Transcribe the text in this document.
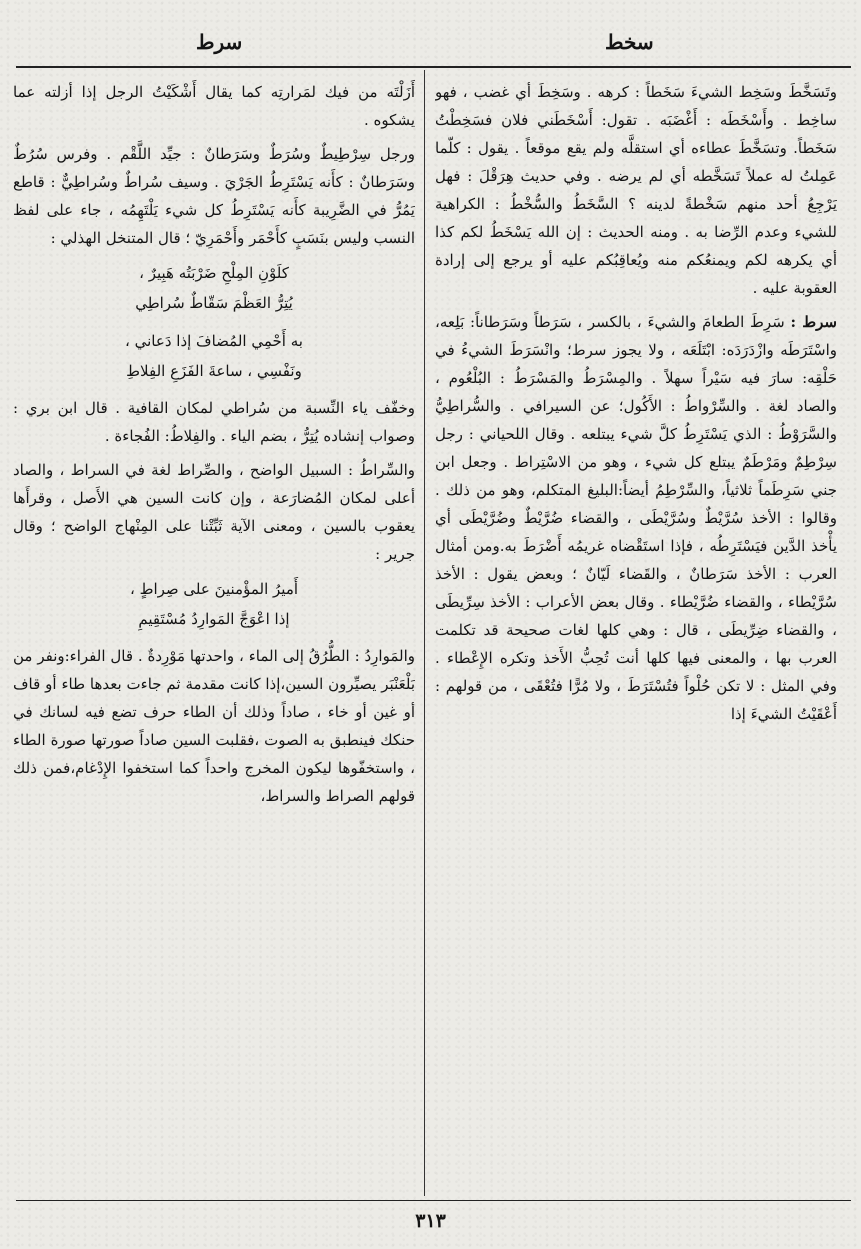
سخط
سرط

وتَسَخَّطَ وسَخِط الشيءَ سَخَطاً : كرهه . وسَخِطَ أي غضب ، فهو ساخِط . وأَسْخَطَه : أَغْضَبَه . تقول: أَسْخَطَني فلان فسَخِطْتُ سَخَطاً. وتسَخَّطَ عطاءه أي استقلَّه ولم يقع موقعاً . يقول : كلّما عَمِلتُ له عملاً تَسَخَّطه أي لم يرضه . وفي حديث هِرَقْلَ : فهل يَرْجِعُ أحد منهم سَخْطةً لدينه ؟ السَّخَطُ والسُّخْطُ : الكراهية للشيء وعدم الرِّضا به . ومنه الحديث : إن الله يَسْخَطُ لكم كذا أي يكرهه لكم ويمنعُكم منه ويُعاقِبُكم عليه أو يرجع إلى إرادة العقوبة عليه .

سرط : سَرِطَ الطعامَ والشيءَ ، بالكسر ، سَرَطاً وسَرَطاناً: بَلِعه، واسْتَرَطَه وازْدَرَدَه: ابْتَلَعَه ، ولا يجوز سرط؛ وانْسَرَطَ الشيءُ في حَلْقِه: سارَ فيه سَيْراً سهلاً . والمِسْرَطُ والمَسْرَطُ : البُلْعُوم ، والصاد لغة . والسِّرْواطُ : الأَكُول؛ عن السيرافي . والسُّراطِيُّ والسَّرَوْطُ : الذي يَسْتَرِطُ كلَّ شيء يبتلعه . وقال اللحياني : رجل سِرْطِمٌ ومَرْطَمٌ يبتلع كل شيء ، وهو من الاسْتِراط . وجعل ابن جني سَرِطَماً ثلاثياً، والسِّرْطِمُ أيضاً:البليغ المتكلم، وهو من ذلك . وقالوا : الأخذ سُرَّيْطٌ وسُرَّيْطَى ، والقضاء ضُرَّيْطٌ وضُرَّيْطَى أي يأْخذ الدَّين فيَسْتَرِطُه ، فإذا استَقْضاه غريمُه أَضْرَطَ به.ومن أمثال العرب : الأخذ سَرَطانٌ ، والقَضاء لَيّانٌ ؛ وبعض يقول : الأخذ سُرَّيْطاء ، والقضاء ضُرَّيْطاء . وقال بعض الأعراب : الأخذ سِرِّيطَى ، والقضاء ضِرِّيطَى ، قال : وهي كلها لغات صحيحة قد تكلمت العرب بها ، والمعنى فيها كلها أنت تُحِبُّ الأَخذ وتكره الإِعْطاء . وفي المثل : لا تكن حُلْواً فتُسْتَرَطَ ، ولا مُرًّا فتُعْقَى ، من قولهم : أَعْقَيْتُ الشيءَ إذا

أَزَلْتَه من فيك لمَرارتِه كما يقال أَشْكَيْتُ الرجل إذا أزلته عما يشكوه .

ورجل سِرْطِيطٌ وسُرَطٌ وسَرَطانٌ : جيِّد اللَّقْم . وفرس سُرُطٌ وسَرَطانٌ : كأَنه يَسْتَرِطُ الجَرْيَ . وسيف سُراطٌ وسُراطِيٌّ : قاطع يَمُرُّ في الضَّرِيبة كأَنه يَسْتَرِطُ كل شيء يَلْتَهِمُه ، جاء على لفظ النسب وليس بنَسَبٍ كأَحْمَر وأَحْمَرِيّ ؛ قال المتنخل الهذلي :

كلَوْنِ المِلْحِ ضَرْبَتُه هَبِيرٌ ،
يُتِرُّ العَظْمَ سَقّاطٌ سُراطِي
به أَحْمِي المُضافَ إذا دَعاني ،
ونَفْسِي ، ساعةَ الفَزَعِ الفِلاطِ

وخفّف ياء النِّسبة من سُراطي لمكان القافية . قال ابن بري : وصواب إنشاده يُتِرُّ ، بضم الياء . والفِلاطُ: الفُجاءة .

والسِّراطُ : السبيل الواضح ، والصِّراط لغة في السراط ، والصاد أعلى لمكان المُضارَعة ، وإن كانت السين هي الأَصل ، وقرأَها يعقوب بالسين ، ومعنى الآية ثَبِّتْنا على المِنْهاج الواضح ؛ وقال جرير :

أَميرُ المؤْمنينَ على صِراطٍ ،
إذا اعْوَجَّ المَوارِدُ مُسْتَقِيمِ

والمَوارِدُ : الطُّرُقُ إلى الماء ، واحدتها مَوْرِدةٌ . قال الفراء:ونفر من بَلْعَنْبَر يصيِّرون السين،إذا كانت مقدمة ثم جاءت بعدها طاء أو قاف أو غين أو خاء ، صاداً وذلك أن الطاء حرف تضع فيه لسانك في حنكك فينطبق به الصوت ،فقلبت السين صاداً صورتها صورة الطاء ، واستخفّوها ليكون المخرج واحداً كما استخفوا الإِدْغام،فمن ذلك قولهم الصراط والسراط،

٣١٣
